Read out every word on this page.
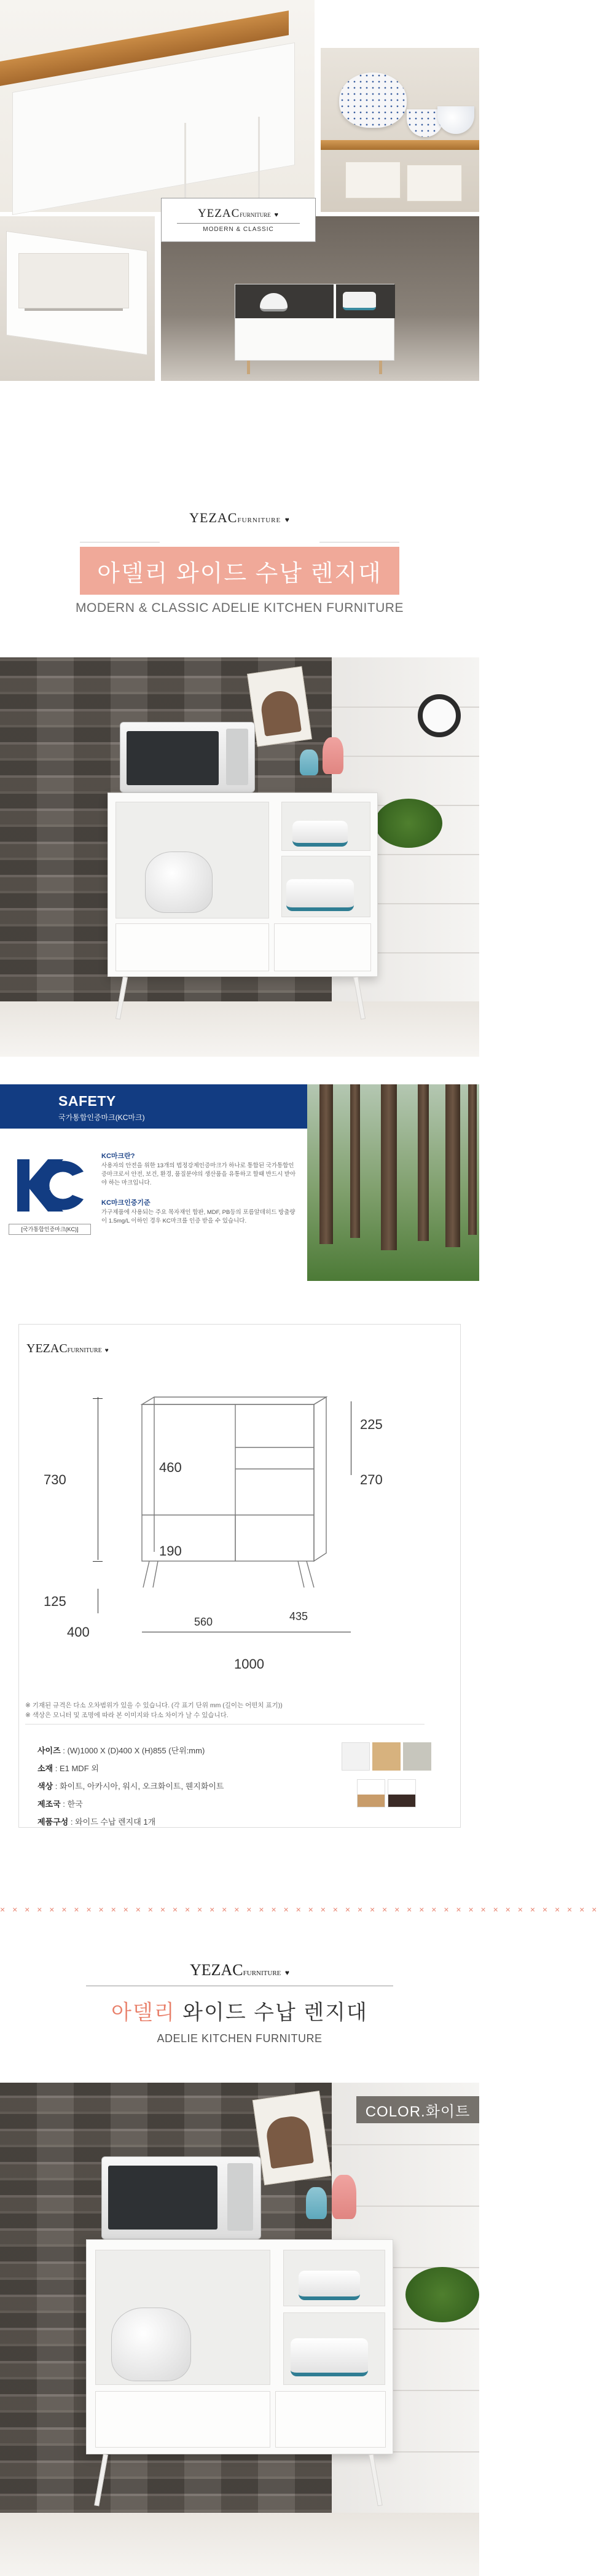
YEZACFURNITURE ♥
MODERN & CLASSIC
YEZACFURNITURE ♥
아델리 와이드 수납 렌지대
MODERN & CLASSIC ADELIE KITCHEN FURNITURE
SAFETY
국가통합인증마크(KC마크)
KC
[국가통합인증마크(KC)]
KC마크란?
사용자의 안전을 위한 13개의 법정강제인증마크가 하나로 통합된 국가통합인증마크로서 안전, 보건, 환경, 품질분야의 생산품을 유통하고 할때 반드시 받아야 하는 마크입니다.
KC마크인증기준
가구제품에 사용되는 주요 목자재인 합판, MDF, PB등의 포름알데히드 방출량이 1.5mg/L 이하인 경우 KC마크를 인증 받을 수 있습니다.
YEZACFURNITURE ♥
730
125
400
1000
560	435
460
190
225
270
※ 기재된 규격은 다소 오차범위가 있을 수 있습니다. (각 표기 단위 mm (길이는 어떤치 표기))
※ 색상은 모니터 및 조명에 따라 본 이미지와 다소 차이가 날 수 있습니다.
사이즈 : (W)1000 X (D)400 X (H)855 (단위:mm)
소재 : E1 MDF 외
색상 : 화이트, 아카시아, 워시, 오크화이트, 웬지화이트
제조국 : 한국
제품구성 : 와이드 수납 렌지대 1개
× × × × × × × × × × × × × × × × × × × × × × × × × × × × × × × × × × × × × × × × × × × × × × × × ×
YEZACFURNITURE ♥
아델리 와이드 수납 렌지대
ADELIE KITCHEN FURNITURE
COLOR.화이트
